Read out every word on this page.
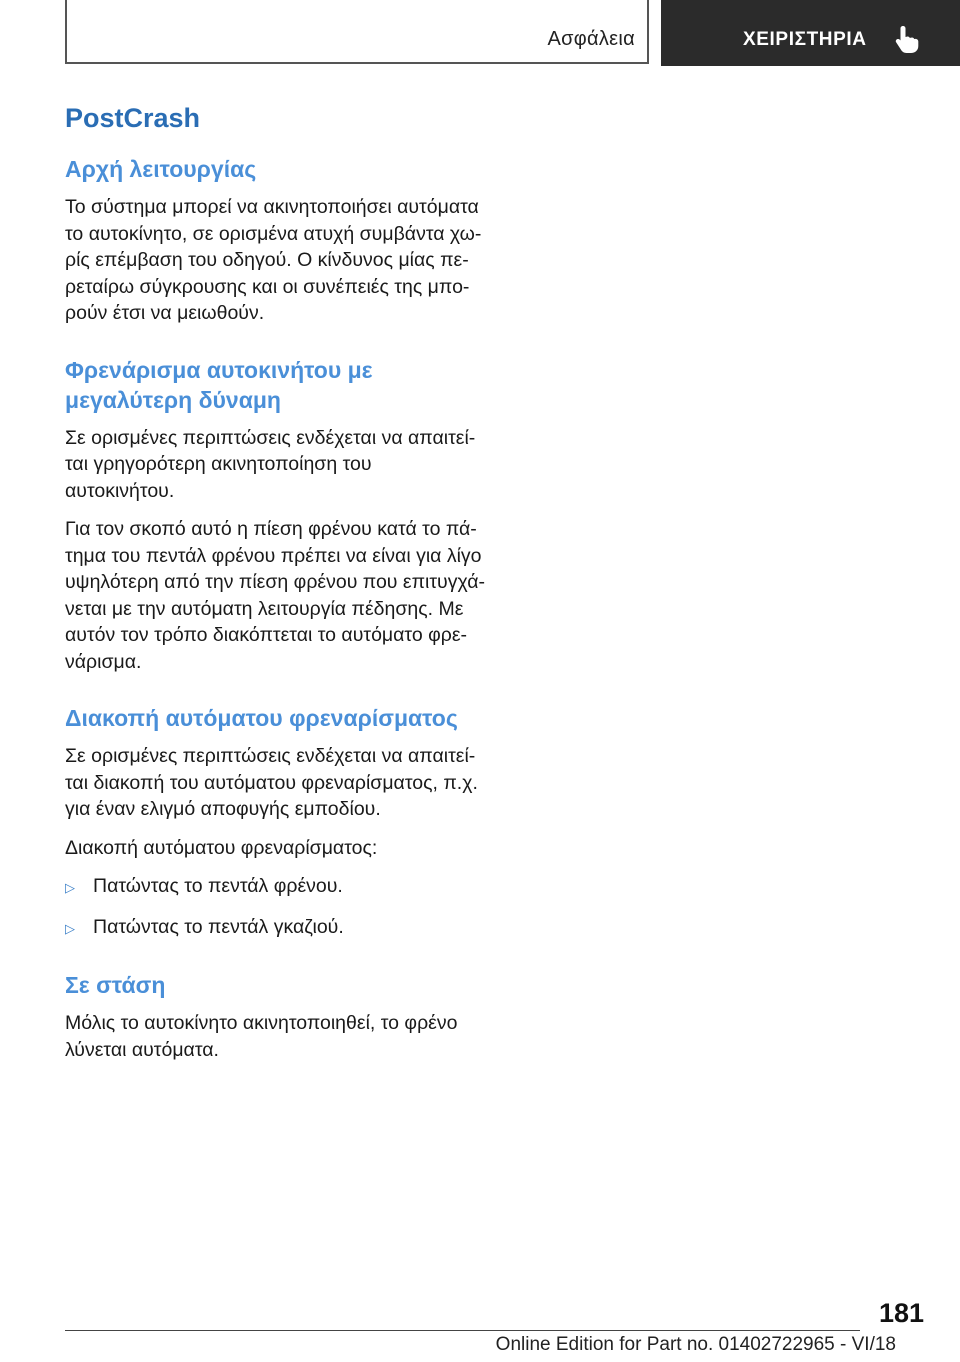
Ασφάλεια	ΧΕΙΡΙΣΤΗΡΙΑ
PostCrash
Αρχή λειτουργίας

Το σύστημα μπορεί να ακινητοποιήσει αυτόματα το αυτοκίνητο, σε ορισμένα ατυχή συμβάντα χω-ρίς επέμβαση του οδηγού. Ο κίνδυνος μίας πε-ρεταίρω σύγκρουσης και οι συνέπειές της μπο-ρούν έτσι να μειωθούν.

Φρενάρισμα αυτοκινήτου με μεγαλύτερη δύναμη

Σε ορισμένες περιπτώσεις ενδέχεται να απαιτεί-ται γρηγορότερη ακινητοποίηση του αυτοκινήτου.

Για τον σκοπό αυτό η πίεση φρένου κατά το πά-τημα του πεντάλ φρένου πρέπει να είναι για λίγο υψηλότερη από την πίεση φρένου που επιτυγχά-νεται με την αυτόματη λειτουργία πέδησης. Με αυτόν τον τρόπο διακόπτεται το αυτόματο φρε-νάρισμα.

Διακοπή αυτόματου φρεναρίσματος

Σε ορισμένες περιπτώσεις ενδέχεται να απαιτεί-ται διακοπή του αυτόματου φρεναρίσματος, π.χ. για έναν ελιγμό αποφυγής εμποδίου.

Διακοπή αυτόματου φρεναρίσματος:

▷ Πατώντας το πεντάλ φρένου.
▷ Πατώντας το πεντάλ γκαζιού.
Σε στάση

Μόλις το αυτοκίνητο ακινητοποιηθεί, το φρένο λύνεται αυτόματα.

181
Online Edition for Part no. 01402722965 - VI/18
